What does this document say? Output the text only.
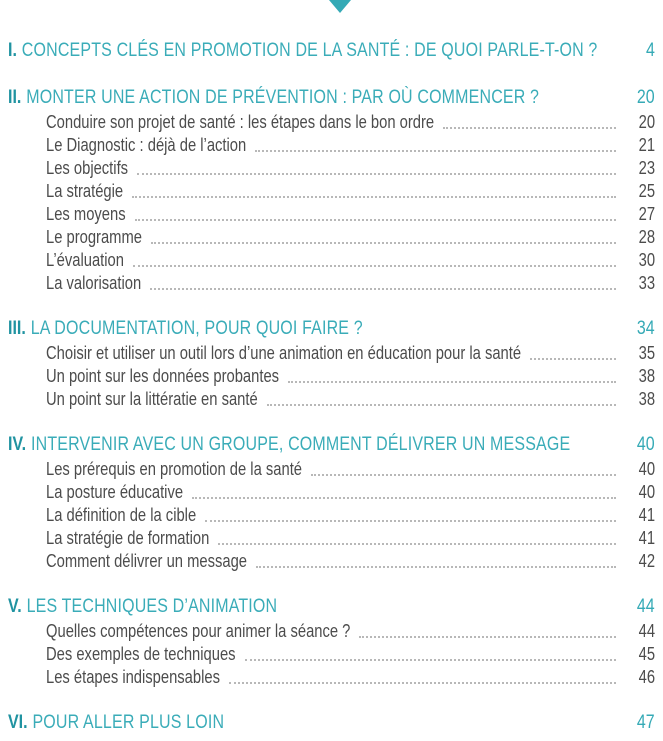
I. CONCEPTS CLÉS EN PROMOTION DE LA SANTÉ : DE QUOI PARLE-T-ON ?	4
II. MONTER UNE ACTION DE PRÉVENTION : PAR OÙ COMMENCER ?	20
Conduire son projet de santé : les étapes dans le bon ordre	20
Le Diagnostic : déjà de l’action	21
Les objectifs	23
La stratégie	25
Les moyens	27
Le programme	28
L’évaluation	30
La valorisation	33
III. LA DOCUMENTATION, POUR QUOI FAIRE ?	34
Choisir et utiliser un outil lors d’une animation en éducation pour la santé	35
Un point sur les données probantes	38
Un point sur la littératie en santé	38
IV. INTERVENIR AVEC UN GROUPE, COMMENT DÉLIVRER UN MESSAGE	40
Les prérequis en promotion de la santé	40
La posture éducative	40
La définition de la cible	41
La stratégie de formation	41
Comment délivrer un message	42
V. LES TECHNIQUES D’ANIMATION	44
Quelles compétences pour animer la séance ?	44
Des exemples de techniques	45
Les étapes indispensables	46
VI. POUR ALLER PLUS LOIN	47
